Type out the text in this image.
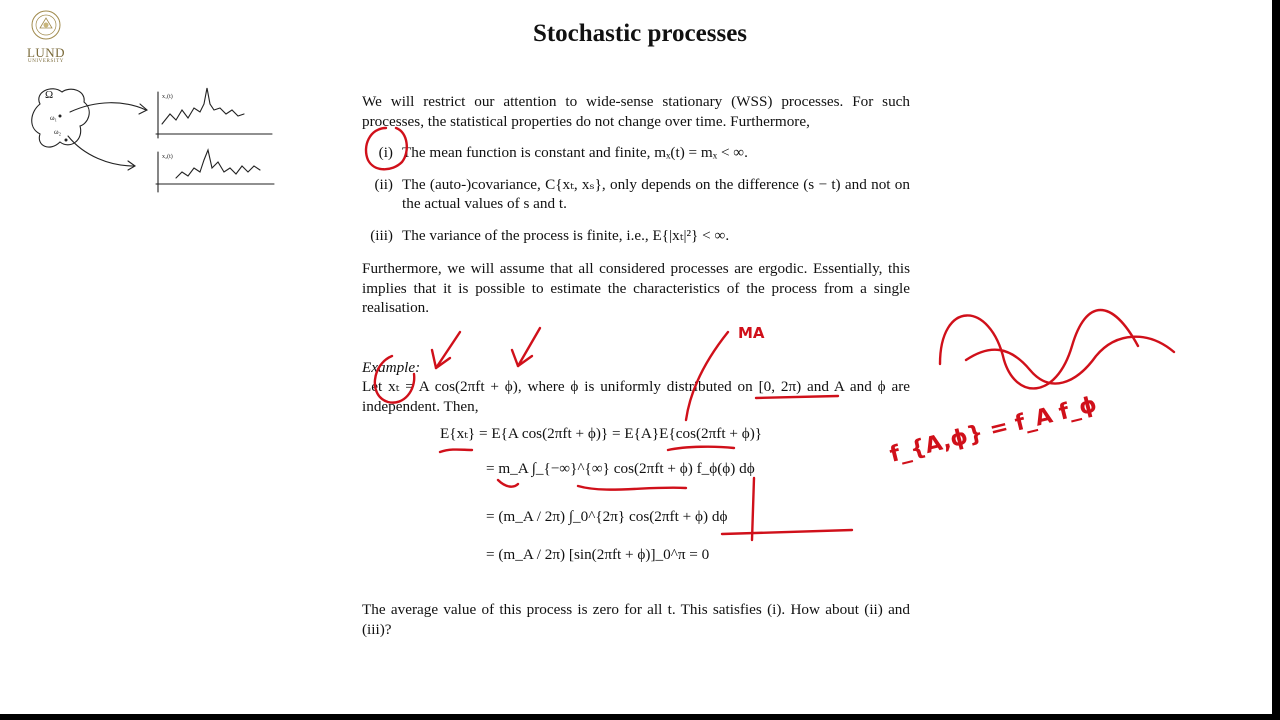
LUND
UNIVERSITY
Stochastic processes

We will restrict our attention to wide-sense stationary (WSS) processes. For such processes, the statistical properties do not change over time. Furthermore,

(i) The mean function is constant and finite, mₓ(t) = mₓ < ∞.
(ii) The (auto-)covariance, C{xₜ, xₛ}, only depends on the difference (s − t) and not on the actual values of s and t.
(iii) The variance of the process is finite, i.e., E{|xₜ|²} < ∞.

Furthermore, we will assume that all considered processes are ergodic. Essentially, this implies that it is possible to estimate the characteristics of the process from a single realisation.

Example:

Let xₜ = A cos(2πft + ϕ), where ϕ is uniformly distributed on [0, 2π) and A and ϕ are independent. Then,

E{xₜ} = E{A cos(2πft + ϕ)} = E{A}E{cos(2πft + ϕ)}
= m_A ∫_{−∞}^{∞} cos(2πft + ϕ) f_ϕ(ϕ) dϕ
= (m_A / 2π) ∫_0^{2π} cos(2πft + ϕ) dϕ
= (m_A / 2π) [sin(2πft + ϕ)]_0^π = 0

The average value of this process is zero for all t. This satisfies (i). How about (ii) and (iii)?

Ω
ω₁
ω₂
x₁(t)
x₂(t)
MA
f_{A,ϕ} = f_A f_ϕ
